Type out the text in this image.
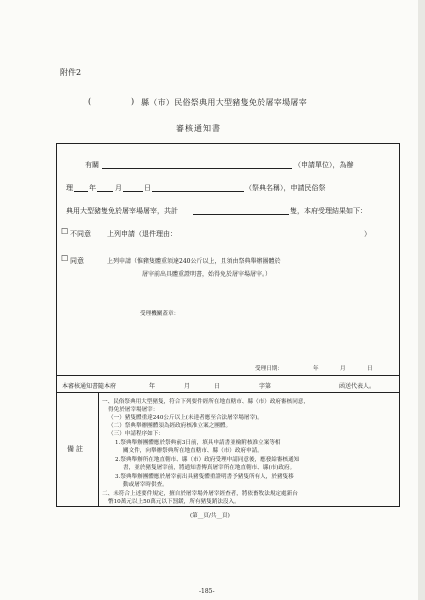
附件2
(	) 縣（市）民俗祭典用大型豬隻免於屠宰場屠宰
審核通知書
有關	（申請單位），為辦
理 年	月	日	（祭典名稱），申請民俗祭
典用大型豬隻免於屠宰場屠宰，共計	隻，本府受理結果如下：
☐ 不同意 上列申請（退件理由：	）
☐ 同意	上列申請（惟豬隻體重須達240公斤以上，且須由祭典舉辦團體於
屠宰前出具體重證明書，始得免於屠宰場屠宰。）
受理機關蓋章：
受理日期：	年	月	日
本審核通知書隨本府	年	月	日	字第	函送代表人。
備註
一、民俗祭典用大型豬隻，符合下列要件經所在地直轄市、縣（市）政府審核同意，
得免於屠宰場屠宰：
（一）豬隻體重達240公斤以上(未達者應至合法屠宰場屠宰)。
（二）祭典舉辦團體須為經政府核准立案之團體。
（三）申請程序如下：
1.祭典舉辦團體應於祭典前3日前，填具申請書並檢附核准立案等相
關文件，向舉辦祭典所在地直轄市、縣（市）政府申請。
2.祭典舉辦所在地直轄市、縣（市）政府受理申請同意後，應發給審核通知
書，並於豬隻屠宰前，將通知書傳真屠宰所在地直轄市、縣(市)政府。
3.祭典舉辦團體應於屠宰前出具豬隻體重證明書予豬隻所有人，於豬隻移
動或屠宰時供查。
二、未符合上述要件規定，擅自於屠宰場外屠宰經查者，將依畜牧法規定處新台
幣10萬元以上50萬元以下罰鍰，所有豬隻銷法沒入。
(第__頁/共__頁)
-185-
